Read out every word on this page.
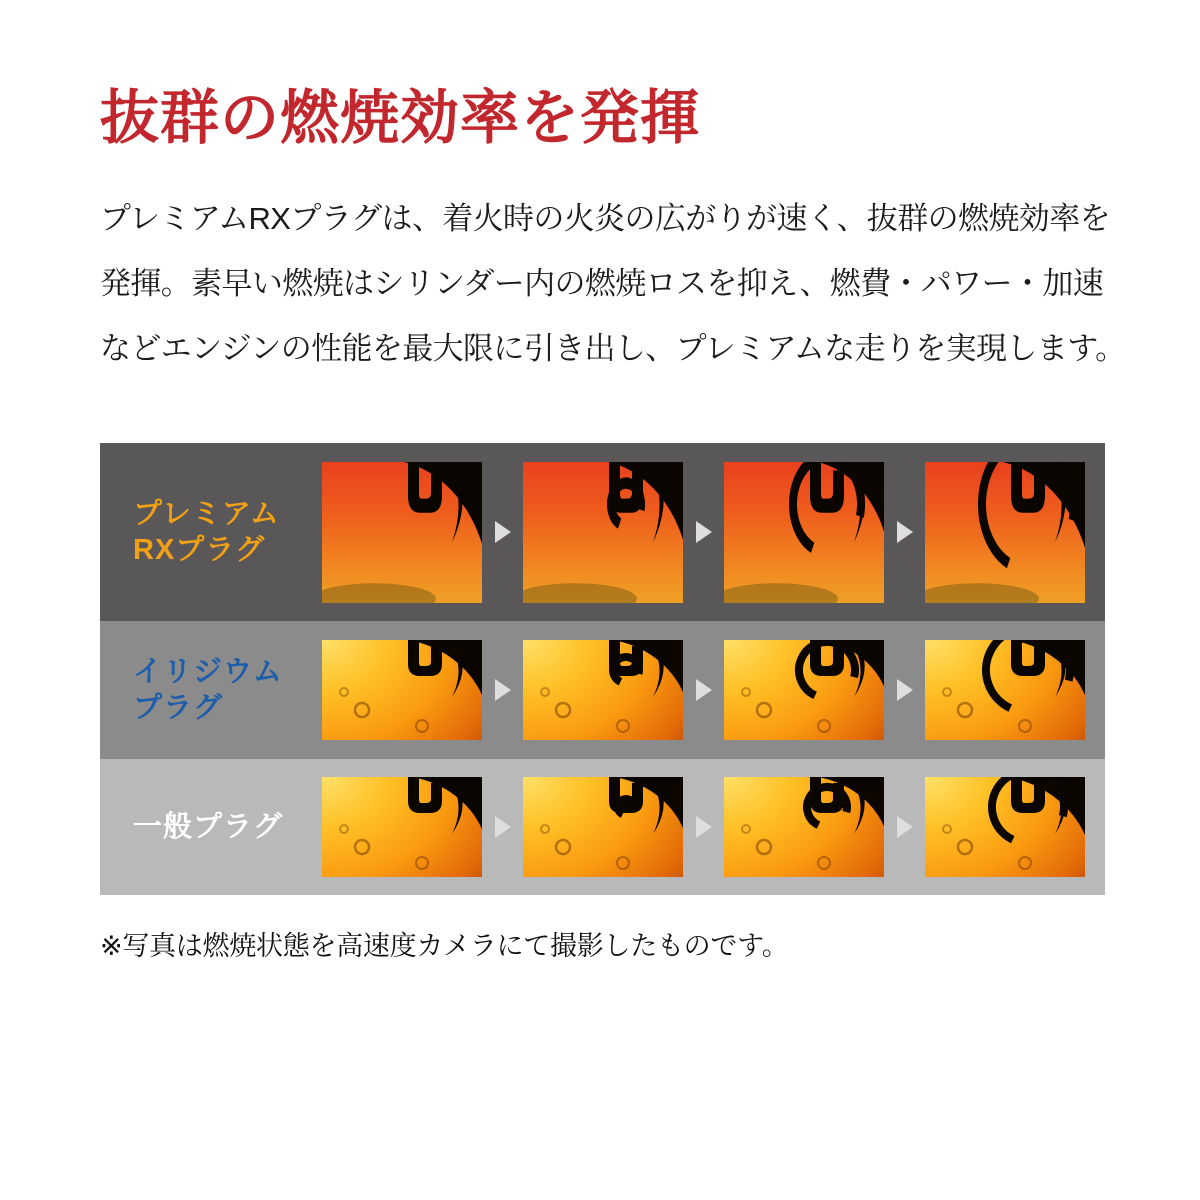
抜群の燃焼効率を発揮
プレミアムRXプラグは、着火時の火炎の広がりが速く、抜群の燃焼効率を
発揮。素早い燃焼はシリンダー内の燃焼ロスを抑え、燃費・パワー・加速
などエンジンの性能を最大限に引き出し、プレミアムな走りを実現します。
プレミアム
RXプラグ
イリジウム
プラグ
一般プラグ

※写真は燃焼状態を高速度カメラにて撮影したものです。
